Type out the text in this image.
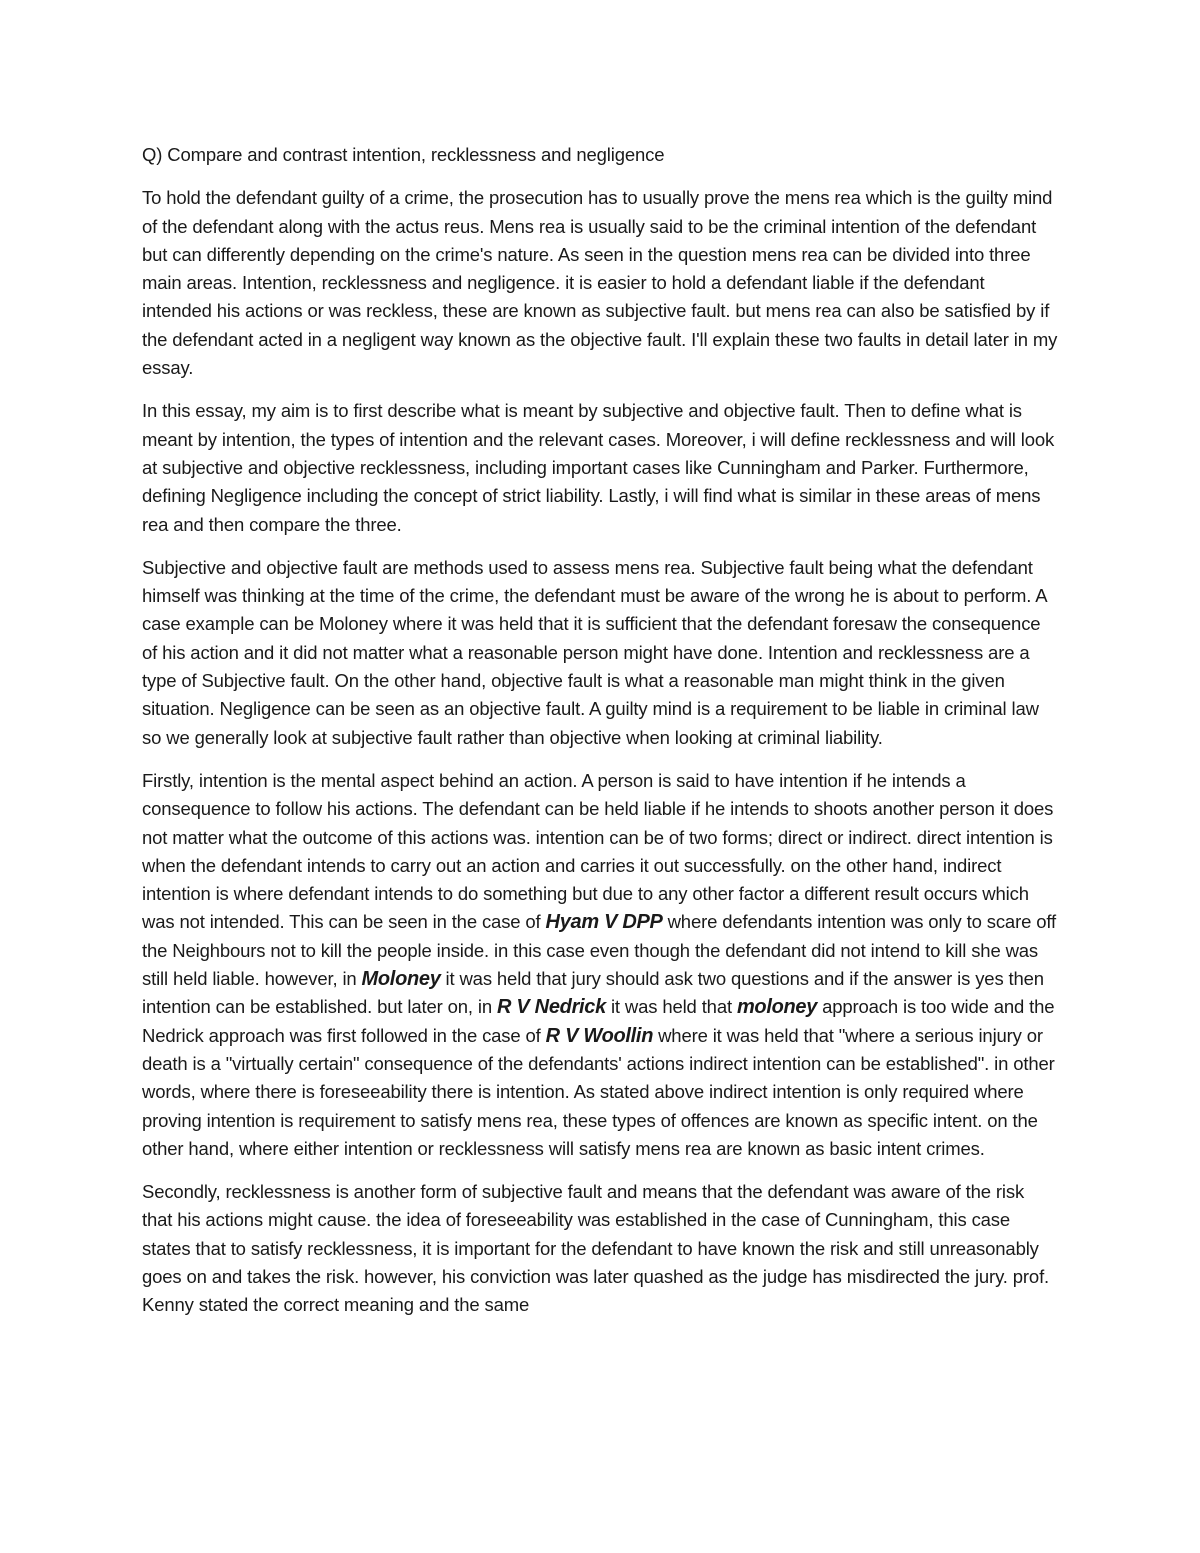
Q) Compare and contrast intention, recklessness and negligence

To hold the defendant guilty of a crime, the prosecution has to usually prove the mens rea which is the guilty mind of the defendant along with the actus reus. Mens rea is usually said to be the criminal intention of the defendant but can differently depending on the crime's nature. As seen in the question mens rea can be divided into three main areas. Intention, recklessness and negligence. it is easier to hold a defendant liable if the defendant intended his actions or was reckless, these are known as subjective fault. but mens rea can also be satisfied by if the defendant acted in a negligent way known as the objective fault. I'll explain these two faults in detail later in my essay.

In this essay, my aim is to first describe what is meant by subjective and objective fault. Then to define what is meant by intention, the types of intention and the relevant cases. Moreover, i will define recklessness and will look at subjective and objective recklessness, including important cases like Cunningham and Parker. Furthermore, defining Negligence including the concept of strict liability. Lastly, i will find what is similar in these areas of mens rea and then compare the three.

Subjective and objective fault are methods used to assess mens rea. Subjective fault being what the defendant himself was thinking at the time of the crime, the defendant must be aware of the wrong he is about to perform. A case example can be Moloney where it was held that it is sufficient that the defendant foresaw the consequence of his action and it did not matter what a reasonable person might have done. Intention and recklessness are a type of Subjective fault. On the other hand, objective fault is what a reasonable man might think in the given situation. Negligence can be seen as an objective fault. A guilty mind is a requirement to be liable in criminal law so we generally look at subjective fault rather than objective when looking at criminal liability.

Firstly, intention is the mental aspect behind an action. A person is said to have intention if he intends a consequence to follow his actions. The defendant can be held liable if he intends to shoots another person it does not matter what the outcome of this actions was. intention can be of two forms; direct or indirect. direct intention is when the defendant intends to carry out an action and carries it out successfully. on the other hand, indirect intention is where defendant intends to do something but due to any other factor a different result occurs which was not intended. This can be seen in the case of Hyam V DPP where defendants intention was only to scare off the Neighbours not to kill the people inside. in this case even though the defendant did not intend to kill she was still held liable. however, in Moloney it was held that jury should ask two questions and if the answer is yes then intention can be established. but later on, in R V Nedrick it was held that moloney approach is too wide and the Nedrick approach was first followed in the case of R V Woollin where it was held that "where a serious injury or death is a "virtually certain" consequence of the defendants' actions indirect intention can be established". in other words, where there is foreseeability there is intention. As stated above indirect intention is only required where proving intention is requirement to satisfy mens rea, these types of offences are known as specific intent. on the other hand, where either intention or recklessness will satisfy mens rea are known as basic intent crimes.

Secondly, recklessness is another form of subjective fault and means that the defendant was aware of the risk that his actions might cause. the idea of foreseeability was established in the case of Cunningham, this case states that to satisfy recklessness, it is important for the defendant to have known the risk and still unreasonably goes on and takes the risk. however, his conviction was later quashed as the judge has misdirected the jury. prof. Kenny stated the correct meaning and the same
